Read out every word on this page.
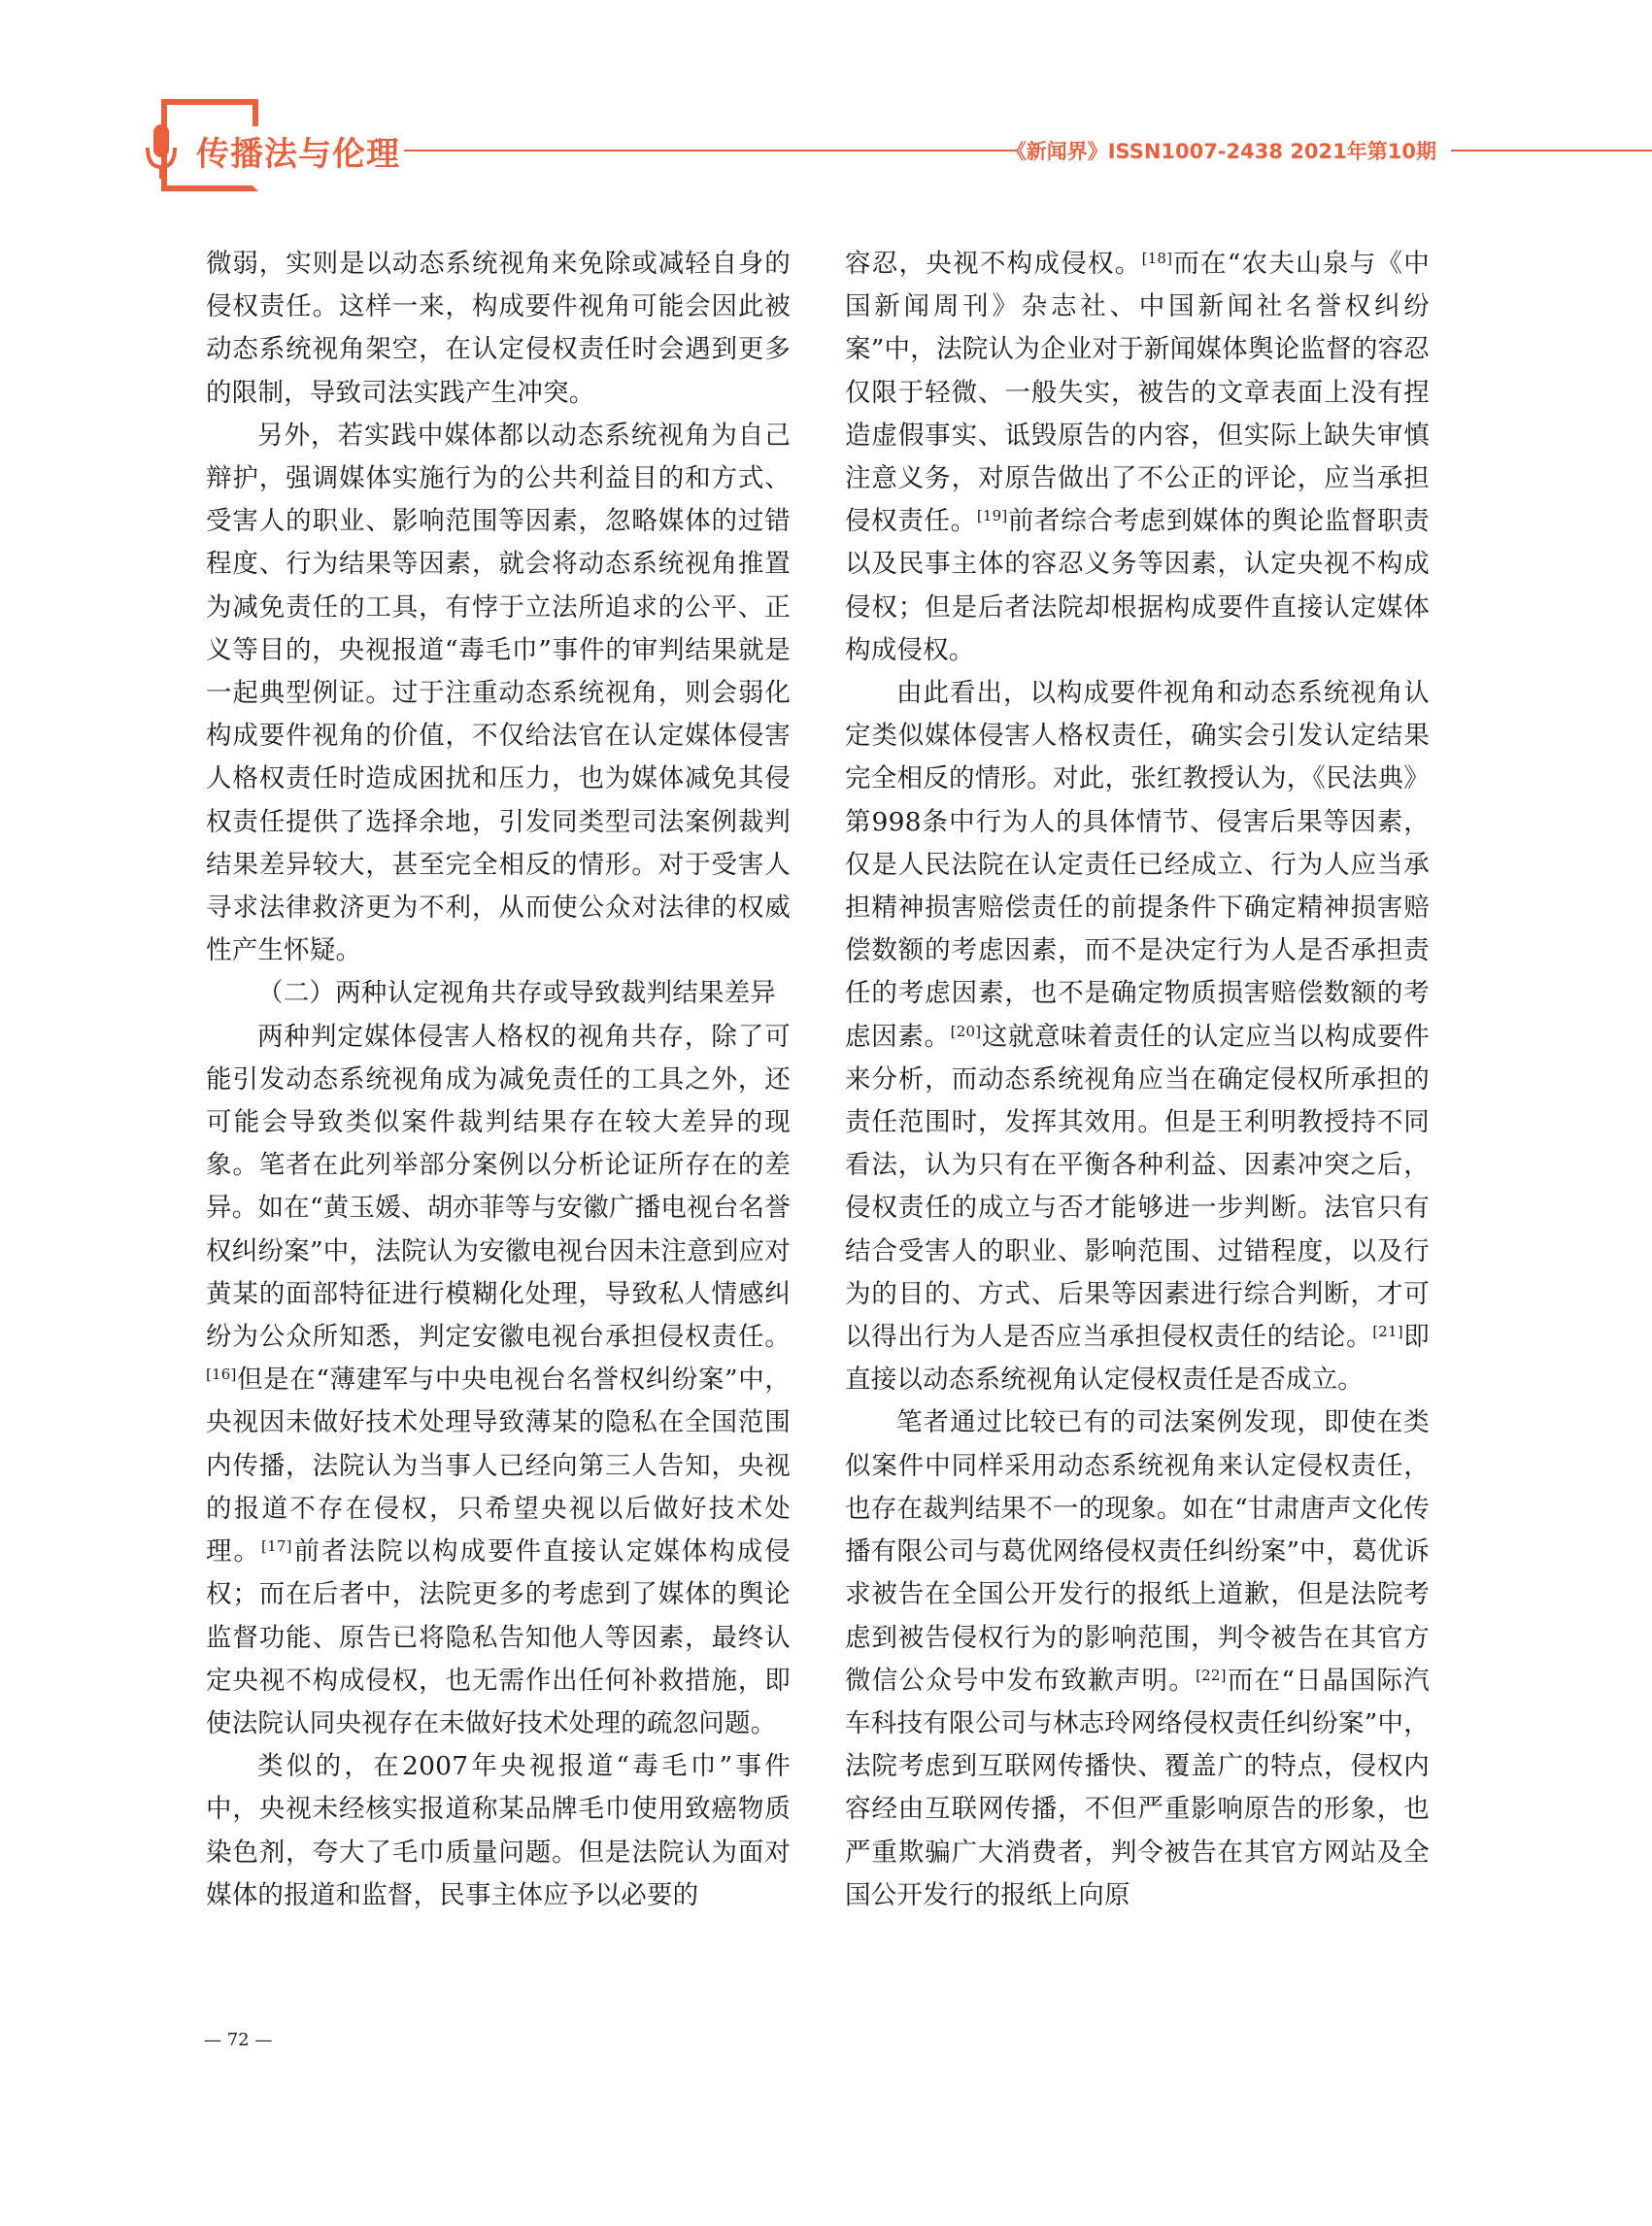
传播法与伦理	《新闻界》ISSN1007-2438 2021年第10期

微弱，实则是以动态系统视角来免除或减轻自身的侵权责任。这样一来，构成要件视角可能会因此被动态系统视角架空，在认定侵权责任时会遇到更多的限制，导致司法实践产生冲突。

另外，若实践中媒体都以动态系统视角为自己辩护，强调媒体实施行为的公共利益目的和方式、受害人的职业、影响范围等因素，忽略媒体的过错程度、行为结果等因素，就会将动态系统视角推置为减免责任的工具，有悖于立法所追求的公平、正义等目的，央视报道“毒毛巾”事件的审判结果就是一起典型例证。过于注重动态系统视角，则会弱化构成要件视角的价值，不仅给法官在认定媒体侵害人格权责任时造成困扰和压力，也为媒体减免其侵权责任提供了选择余地，引发同类型司法案例裁判结果差异较大，甚至完全相反的情形。对于受害人寻求法律救济更为不利，从而使公众对法律的权威性产生怀疑。

（二）两种认定视角共存或导致裁判结果差异

两种判定媒体侵害人格权的视角共存，除了可能引发动态系统视角成为减免责任的工具之外，还可能会导致类似案件裁判结果存在较大差异的现象。笔者在此列举部分案例以分析论证所存在的差异。如在“黄玉媛、胡亦菲等与安徽广播电视台名誉权纠纷案”中，法院认为安徽电视台因未注意到应对黄某的面部特征进行模糊化处理，导致私人情感纠纷为公众所知悉，判定安徽电视台承担侵权责任。[16]但是在“薄建军与中央电视台名誉权纠纷案”中，央视因未做好技术处理导致薄某的隐私在全国范围内传播，法院认为当事人已经向第三人告知，央视的报道不存在侵权，只希望央视以后做好技术处理。[17]前者法院以构成要件直接认定媒体构成侵权；而在后者中，法院更多的考虑到了媒体的舆论监督功能、原告已将隐私告知他人等因素，最终认定央视不构成侵权，也无需作出任何补救措施，即使法院认同央视存在未做好技术处理的疏忽问题。

类似的，在2007年央视报道“毒毛巾”事件中，央视未经核实报道称某品牌毛巾使用致癌物质染色剂，夸大了毛巾质量问题。但是法院认为面对媒体的报道和监督，民事主体应予以必要的

容忍，央视不构成侵权。[18]而在“农夫山泉与《中国新闻周刊》杂志社、中国新闻社名誉权纠纷案”中，法院认为企业对于新闻媒体舆论监督的容忍仅限于轻微、一般失实，被告的文章表面上没有捏造虚假事实、诋毁原告的内容，但实际上缺失审慎注意义务，对原告做出了不公正的评论，应当承担侵权责任。[19]前者综合考虑到媒体的舆论监督职责以及民事主体的容忍义务等因素，认定央视不构成侵权；但是后者法院却根据构成要件直接认定媒体构成侵权。

由此看出，以构成要件视角和动态系统视角认定类似媒体侵害人格权责任，确实会引发认定结果完全相反的情形。对此，张红教授认为，《民法典》第998条中行为人的具体情节、侵害后果等因素，仅是人民法院在认定责任已经成立、行为人应当承担精神损害赔偿责任的前提条件下确定精神损害赔偿数额的考虑因素，而不是决定行为人是否承担责任的考虑因素，也不是确定物质损害赔偿数额的考虑因素。[20]这就意味着责任的认定应当以构成要件来分析，而动态系统视角应当在确定侵权所承担的责任范围时，发挥其效用。但是王利明教授持不同看法，认为只有在平衡各种利益、因素冲突之后，侵权责任的成立与否才能够进一步判断。法官只有结合受害人的职业、影响范围、过错程度，以及行为的目的、方式、后果等因素进行综合判断，才可以得出行为人是否应当承担侵权责任的结论。[21]即直接以动态系统视角认定侵权责任是否成立。

笔者通过比较已有的司法案例发现，即使在类似案件中同样采用动态系统视角来认定侵权责任，也存在裁判结果不一的现象。如在“甘肃唐声文化传播有限公司与葛优网络侵权责任纠纷案”中，葛优诉求被告在全国公开发行的报纸上道歉，但是法院考虑到被告侵权行为的影响范围，判令被告在其官方微信公众号中发布致歉声明。[22]而在“日晶国际汽车科技有限公司与林志玲网络侵权责任纠纷案”中，法院考虑到互联网传播快、覆盖广的特点，侵权内容经由互联网传播，不但严重影响原告的形象，也严重欺骗广大消费者，判令被告在其官方网站及全国公开发行的报纸上向原

— 72 —
